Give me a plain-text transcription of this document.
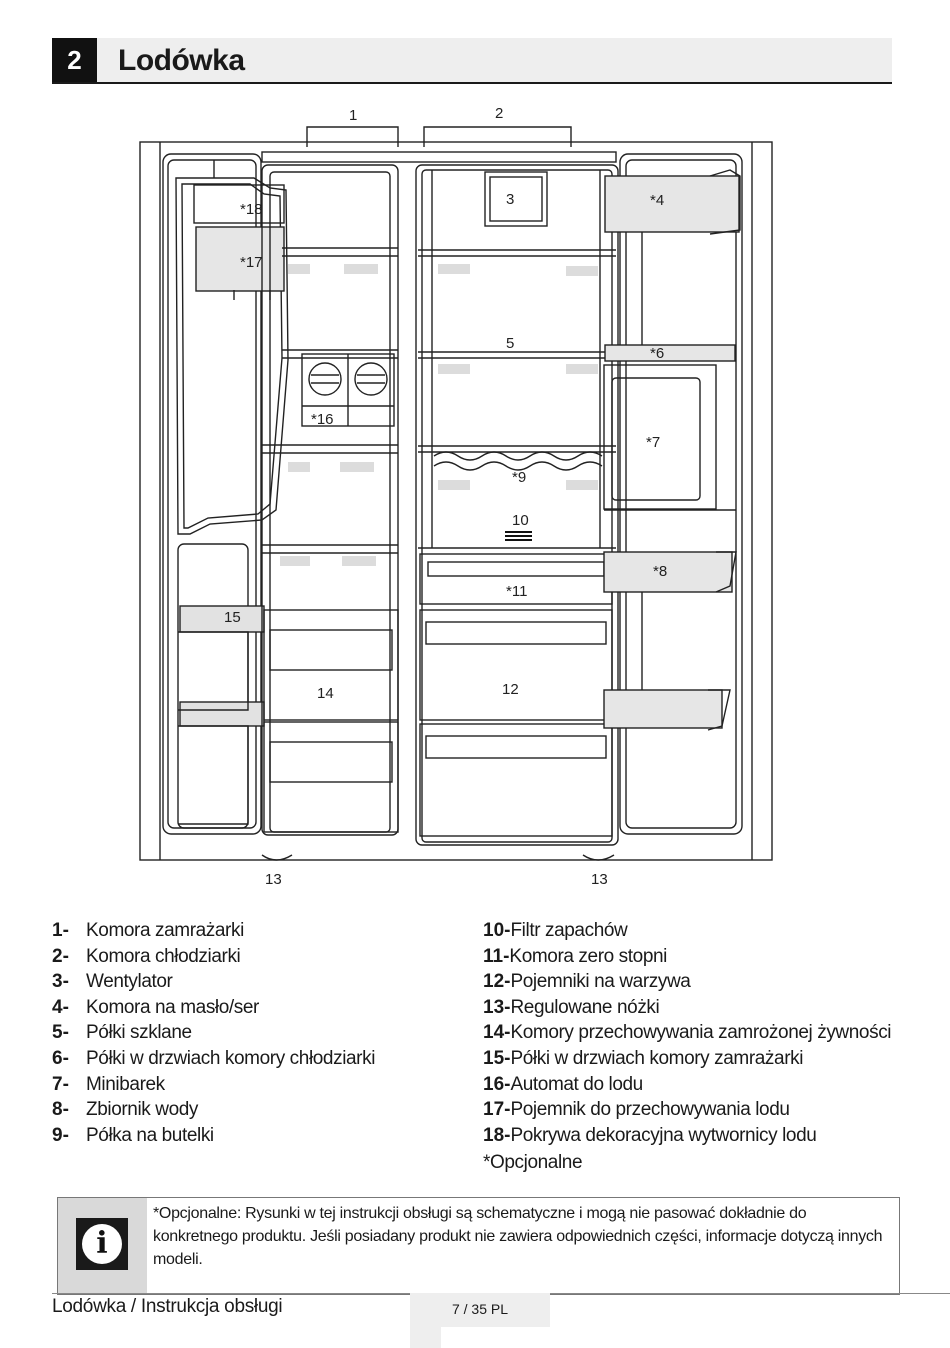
2	Lodówka
1	2
3	*4
5
*6
*7
*8
*9
10
*11
12
13	13
14
15
*16
*17
*18
1- Komora zamrażarki
2- Komora chłodziarki
3- Wentylator
4- Komora na masło/ser
5- Półki szklane
6- Półki w drzwiach komory chłodziarki
7- Minibarek
8- Zbiornik wody
9- Półka na butelki
10-Filtr zapachów
11-Komora zero stopni
12-Pojemniki na warzywa
13-Regulowane nóżki
14-Komory przechowywania zamrożonej żywności
15-Półki w drzwiach komory zamrażarki
16-Automat do lodu
17-Pojemnik do przechowywania lodu
18-Pokrywa dekoracyjna wytwornicy lodu
*Opcjonalne
i
*Opcjonalne: Rysunki w tej instrukcji obsługi są schematyczne i mogą nie pasować dokładnie do konkretnego produktu. Jeśli posiadany produkt nie zawiera odpowiednich części, informacje dotyczą innych modeli.
Lodówka / Instrukcja obsługi	7 / 35 PL
